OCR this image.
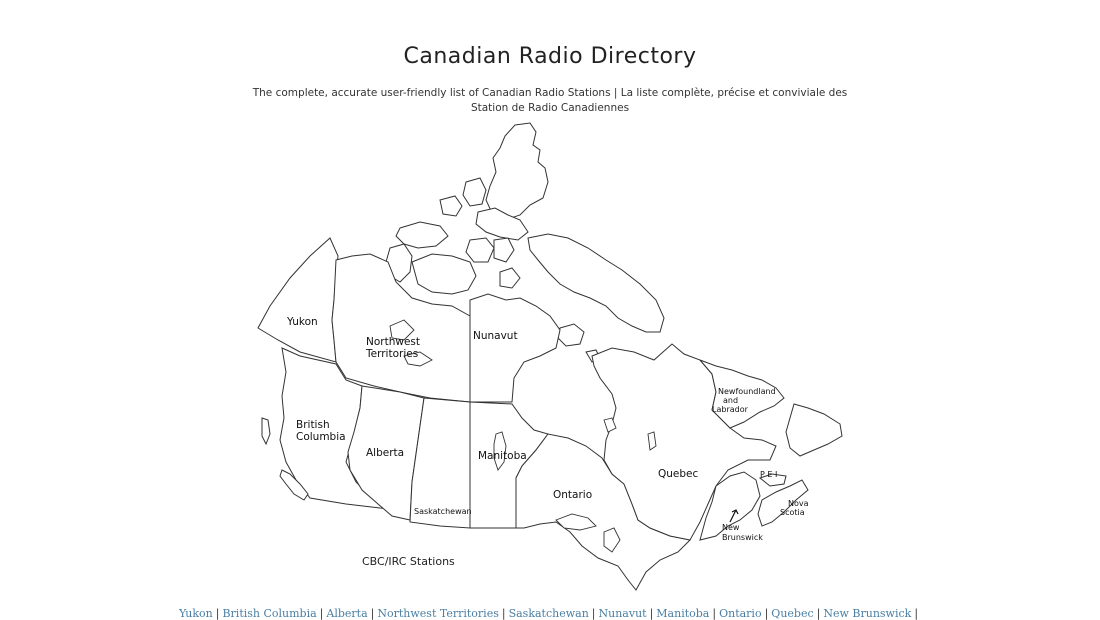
Canadian Radio Directory
The complete, accurate user-friendly list of Canadian Radio Stations | La liste complète, précise et conviviale des Station de Radio Canadiennes
Yukon
Northwest
Territories
Nunavut
British
Columbia
Alberta
Saskatchewan
Manitoba
Ontario
Quebec
Newfoundland
and
Labrador
P E I
Nova
Scotia
New
Brunswick
CBC/IRC Stations
Yukon | British Columbia | Alberta | Northwest Territories | Saskatchewan | Nunavut | Manitoba | Ontario | Quebec | New Brunswick |
